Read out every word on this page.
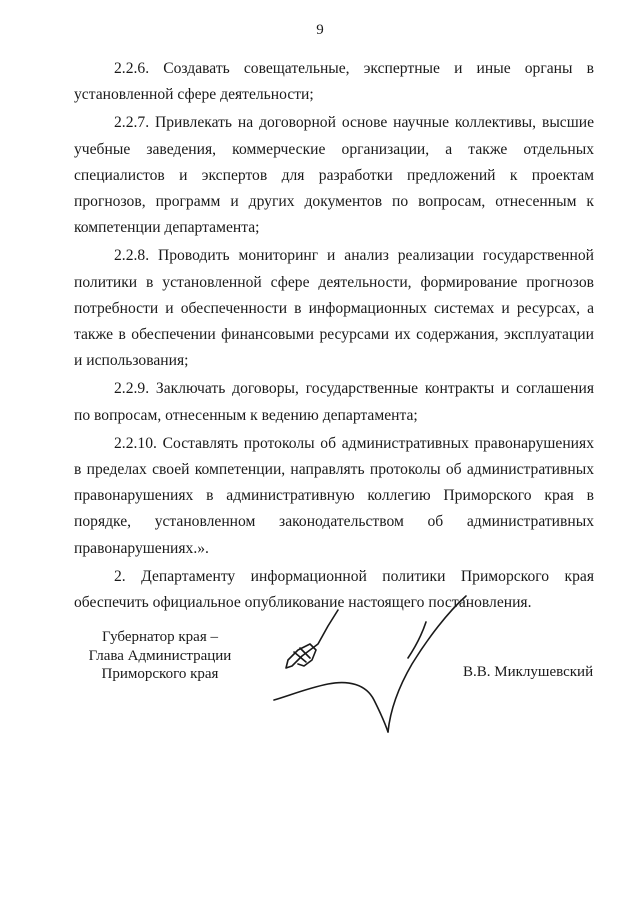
9

2.2.6. Создавать совещательные, экспертные и иные органы в установленной сфере деятельности;

2.2.7. Привлекать на договорной основе научные коллективы, высшие учебные заведения, коммерческие организации, а также отдельных специалистов и экспертов для разработки предложений к проектам прогнозов, программ и других документов по вопросам, отнесенным к компетенции департамента;

2.2.8. Проводить мониторинг и анализ реализации государственной политики в установленной сфере деятельности, формирование прогнозов потребности и обеспеченности в информационных системах и ресурсах, а также в обеспечении финансовыми ресурсами их содержания, эксплуатации и использования;

2.2.9. Заключать договоры, государственные контракты и соглашения по вопросам, отнесенным к ведению департамента;

2.2.10. Составлять протоколы об административных правонарушениях в пределах своей компетенции, направлять протоколы об административных правонарушениях в административную коллегию Приморского края в порядке, установленном законодательством об административных правонарушениях.».

2. Департаменту информационной политики Приморского края обеспечить официальное опубликование настоящего постановления.

Губернатор края –
Глава Администрации
Приморского края	В.В. Миклушевский
